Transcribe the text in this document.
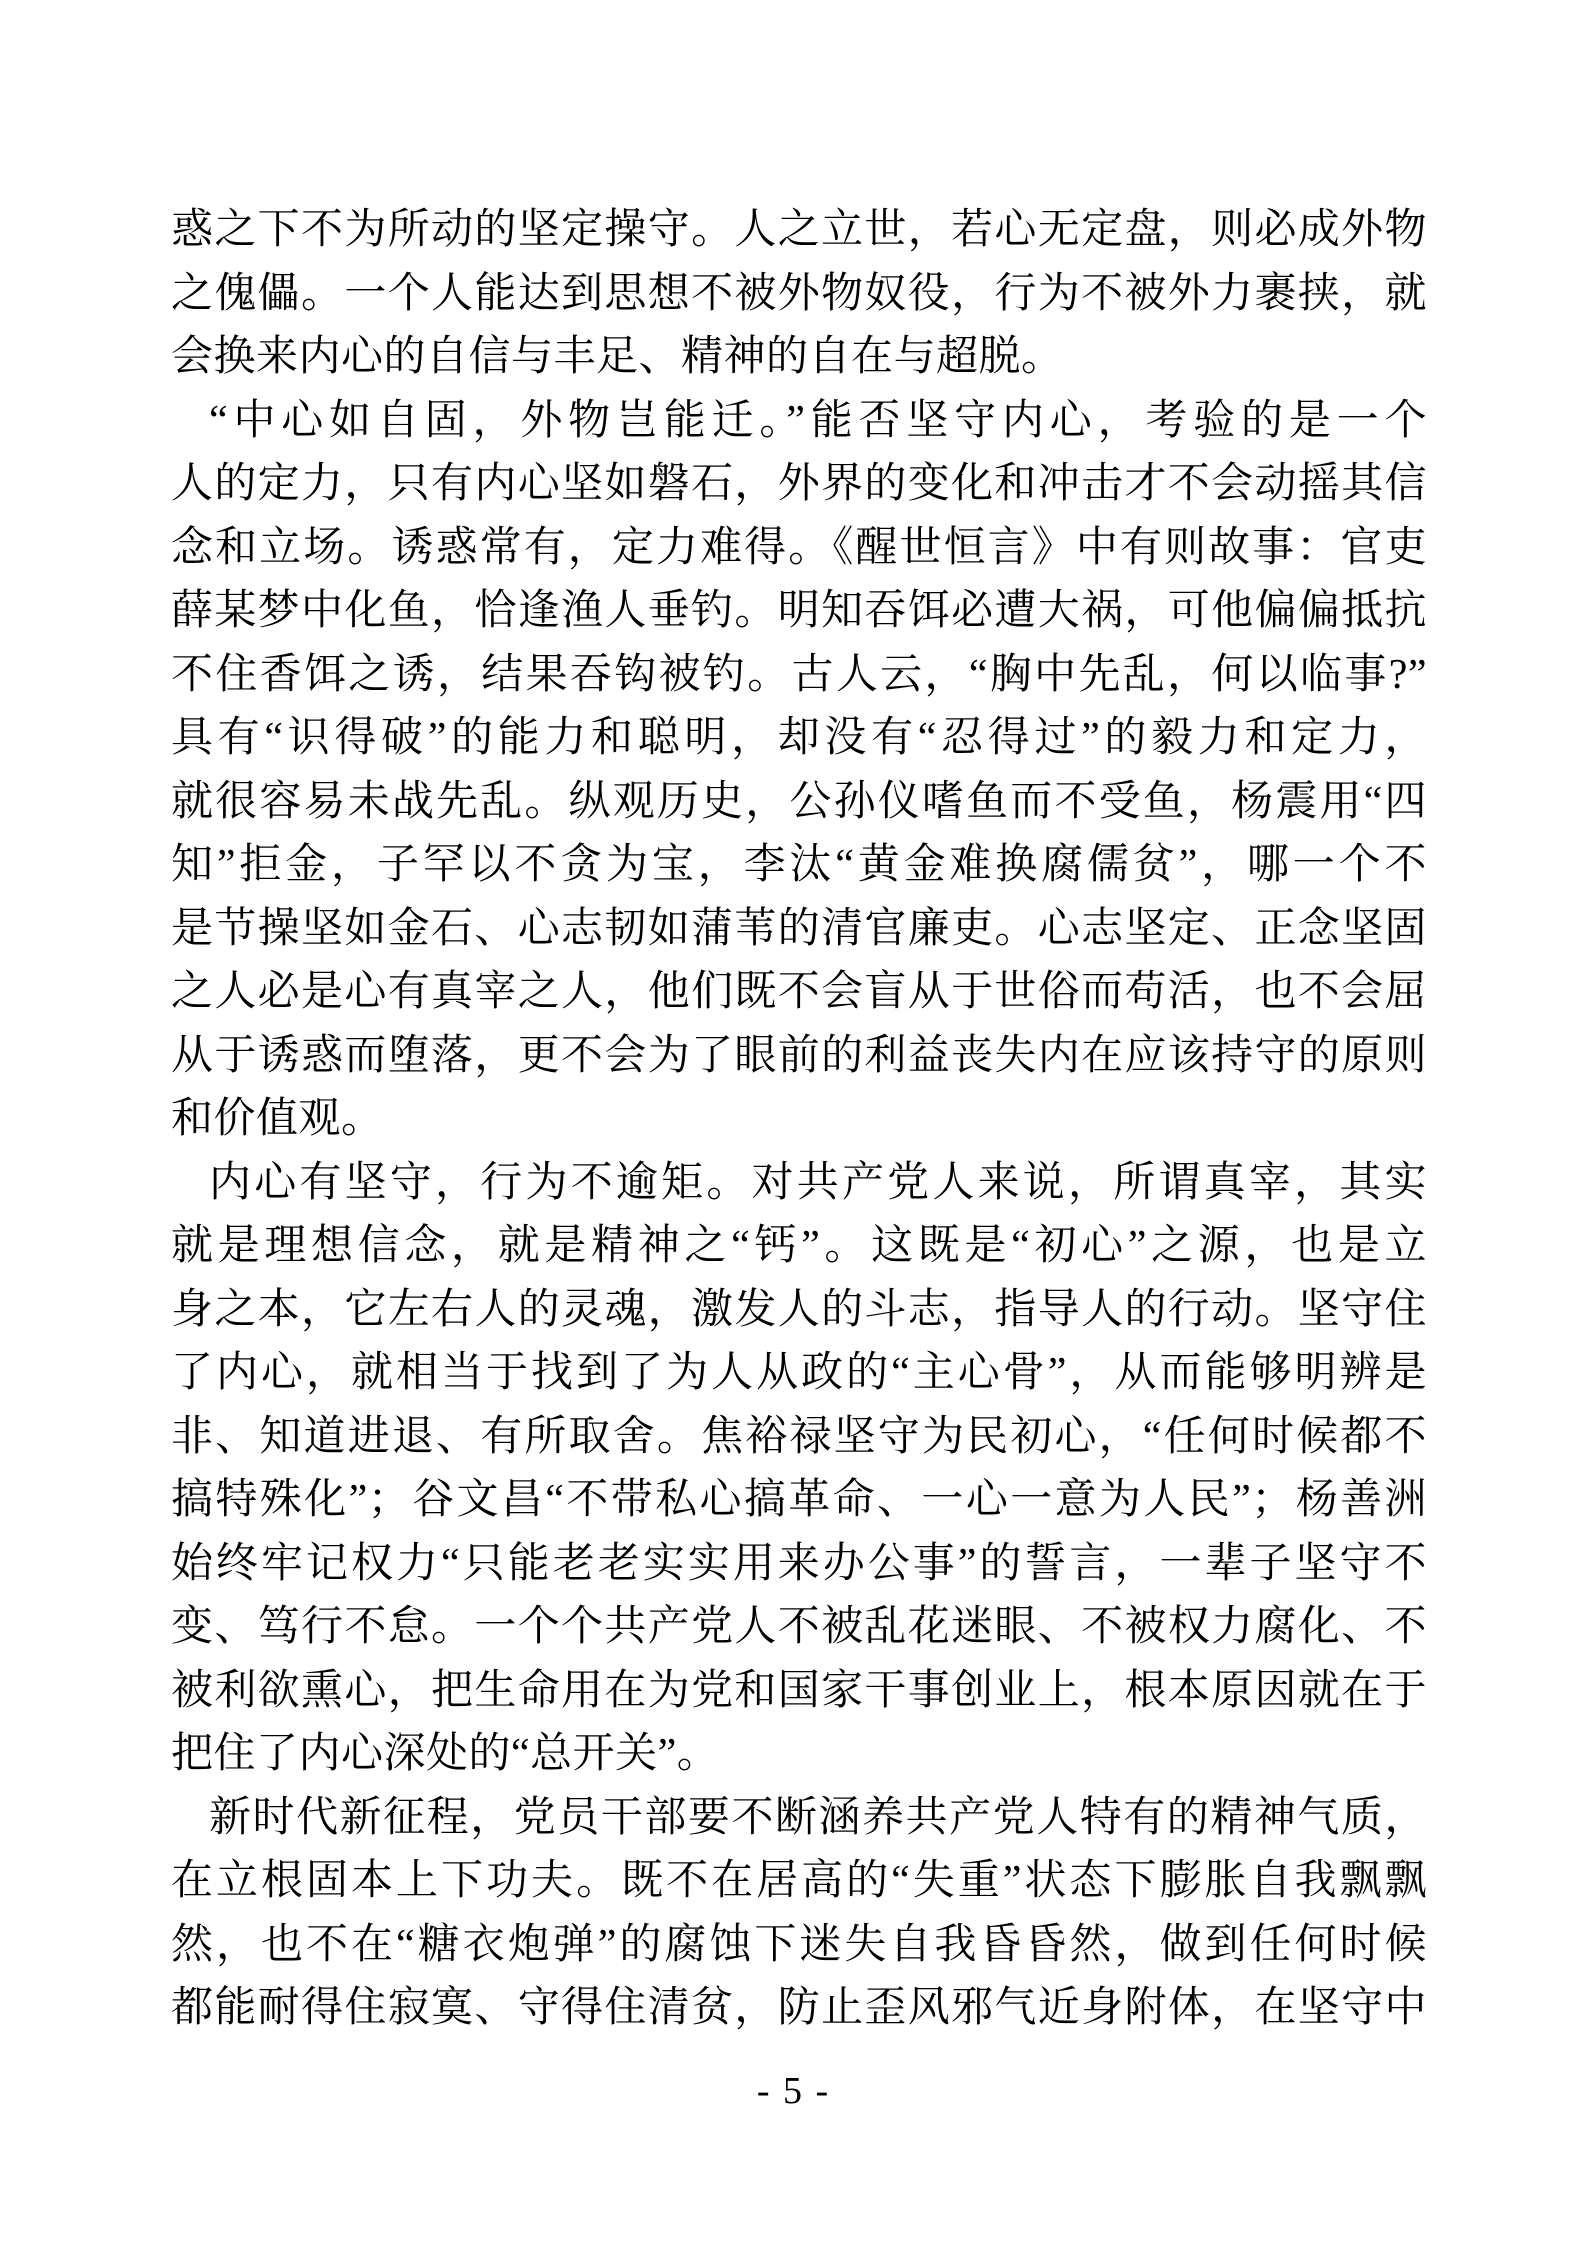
惑之下不为所动的坚定操守。人之立世，若心无定盘，则必成外物
之傀儡。一个人能达到思想不被外物奴役，行为不被外力裹挟，就
会换来内心的自信与丰足、精神的自在与超脱。
“中心如自固，外物岂能迁。”能否坚守内心，考验的是一个
人的定力，只有内心坚如磐石，外界的变化和冲击才不会动摇其信
念和立场。诱惑常有，定力难得。《醒世恒言》中有则故事：官吏
薛某梦中化鱼，恰逢渔人垂钓。明知吞饵必遭大祸，可他偏偏抵抗
不住香饵之诱，结果吞钩被钓。古人云，“胸中先乱，何以临事?”
具有“识得破”的能力和聪明，却没有“忍得过”的毅力和定力，
就很容易未战先乱。纵观历史，公孙仪嗜鱼而不受鱼，杨震用“四
知”拒金，子罕以不贪为宝，李汰“黄金难换腐儒贫”，哪一个不
是节操坚如金石、心志韧如蒲苇的清官廉吏。心志坚定、正念坚固
之人必是心有真宰之人，他们既不会盲从于世俗而苟活，也不会屈
从于诱惑而堕落，更不会为了眼前的利益丧失内在应该持守的原则
和价值观。
内心有坚守，行为不逾矩。对共产党人来说，所谓真宰，其实
就是理想信念，就是精神之“钙”。这既是“初心”之源，也是立
身之本，它左右人的灵魂，激发人的斗志，指导人的行动。坚守住
了内心，就相当于找到了为人从政的“主心骨”，从而能够明辨是
非、知道进退、有所取舍。焦裕禄坚守为民初心，“任何时候都不
搞特殊化”；谷文昌“不带私心搞革命、一心一意为人民”；杨善洲
始终牢记权力“只能老老实实用来办公事”的誓言，一辈子坚守不
变、笃行不怠。一个个共产党人不被乱花迷眼、不被权力腐化、不
被利欲熏心，把生命用在为党和国家干事创业上，根本原因就在于
把住了内心深处的“总开关”。
新时代新征程，党员干部要不断涵养共产党人特有的精神气质，
在立根固本上下功夫。既不在居高的“失重”状态下膨胀自我飘飘
然，也不在“糖衣炮弹”的腐蚀下迷失自我昏昏然，做到任何时候
都能耐得住寂寞、守得住清贫，防止歪风邪气近身附体，在坚守中
- 5 -
